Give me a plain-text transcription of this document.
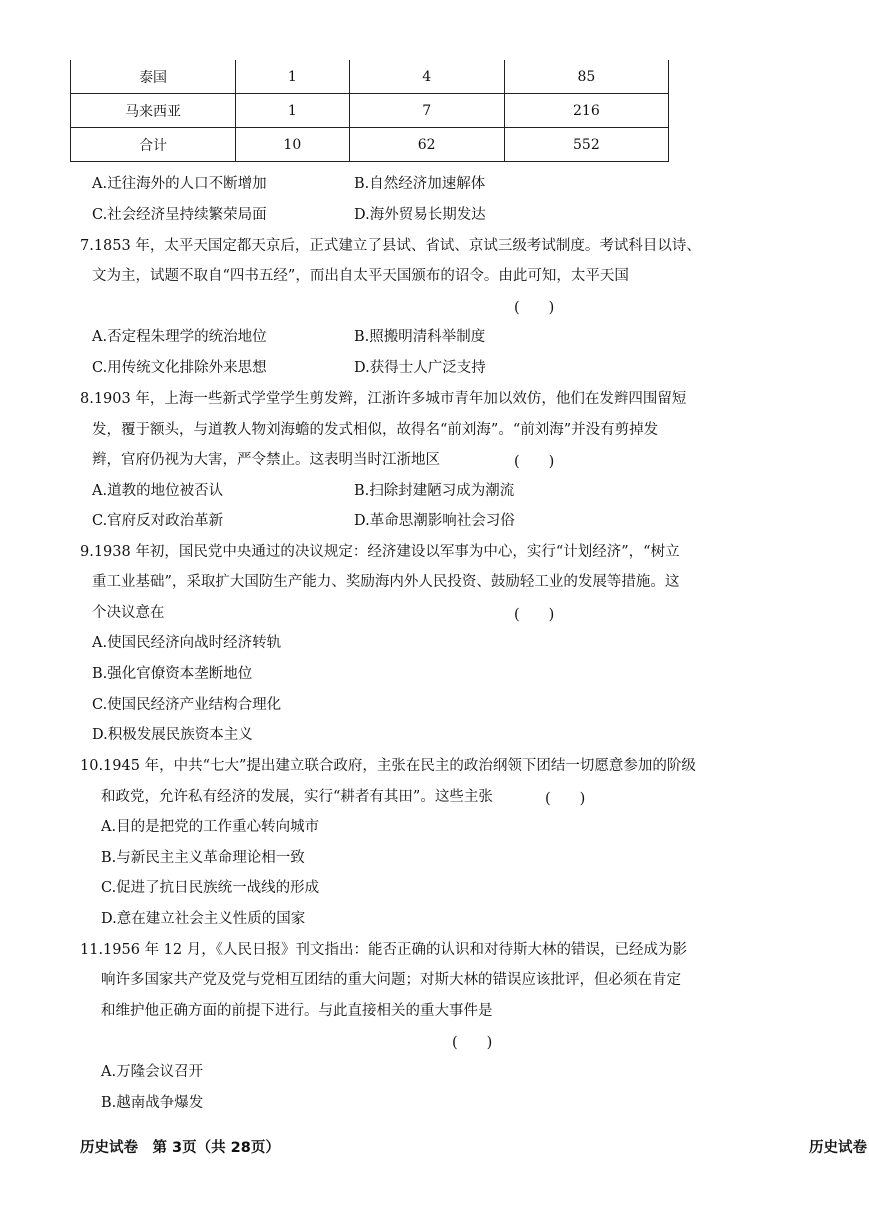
泰国	1	4	85
马来西亚	1	7	216
合计	10	62	552
A.迁往海外的人口不断增加	B.自然经济加速解体
C.社会经济呈持续繁荣局面	D.海外贸易长期发达
7.1853 年，太平天国定都天京后，正式建立了县试、省试、京试三级考试制度。考试科目以诗、
文为主，试题不取自“四书五经”，而出自太平天国颁布的诏令。由此可知，太平天国
(　　)
A.否定程朱理学的统治地位	B.照搬明清科举制度
C.用传统文化排除外来思想	D.获得士人广泛支持
8.1903 年，上海一些新式学堂学生剪发辫，江浙许多城市青年加以效仿，他们在发辫四围留短
发，覆于额头，与道教人物刘海蟾的发式相似，故得名“前刘海”。“前刘海”并没有剪掉发
辫，官府仍视为大害，严令禁止。这表明当时江浙地区	(　　)
A.道教的地位被否认	B.扫除封建陋习成为潮流
C.官府反对政治革新	D.革命思潮影响社会习俗
9.1938 年初，国民党中央通过的决议规定：经济建设以军事为中心，实行“计划经济”，“树立
重工业基础”，采取扩大国防生产能力、奖励海内外人民投资、鼓励轻工业的发展等措施。这
个决议意在	(　　)
A.使国民经济向战时经济转轨
B.强化官僚资本垄断地位
C.使国民经济产业结构合理化
D.积极发展民族资本主义
10.1945 年，中共“七大”提出建立联合政府，主张在民主的政治纲领下团结一切愿意参加的阶级
和政党，允许私有经济的发展，实行“耕者有其田”。这些主张	(　　)
A.目的是把党的工作重心转向城市
B.与新民主主义革命理论相一致
C.促进了抗日民族统一战线的形成
D.意在建立社会主义性质的国家
11.1956 年 12 月，《人民日报》刊文指出：能否正确的认识和对待斯大林的错误，已经成为影
响许多国家共产党及党与党相互团结的重大问题；对斯大林的错误应该批评，但必须在肯定
和维护他正确方面的前提下进行。与此直接相关的重大事件是
(　　)
A.万隆会议召开
B.越南战争爆发
历史试卷　第 3页（共 28页）	历史试卷
